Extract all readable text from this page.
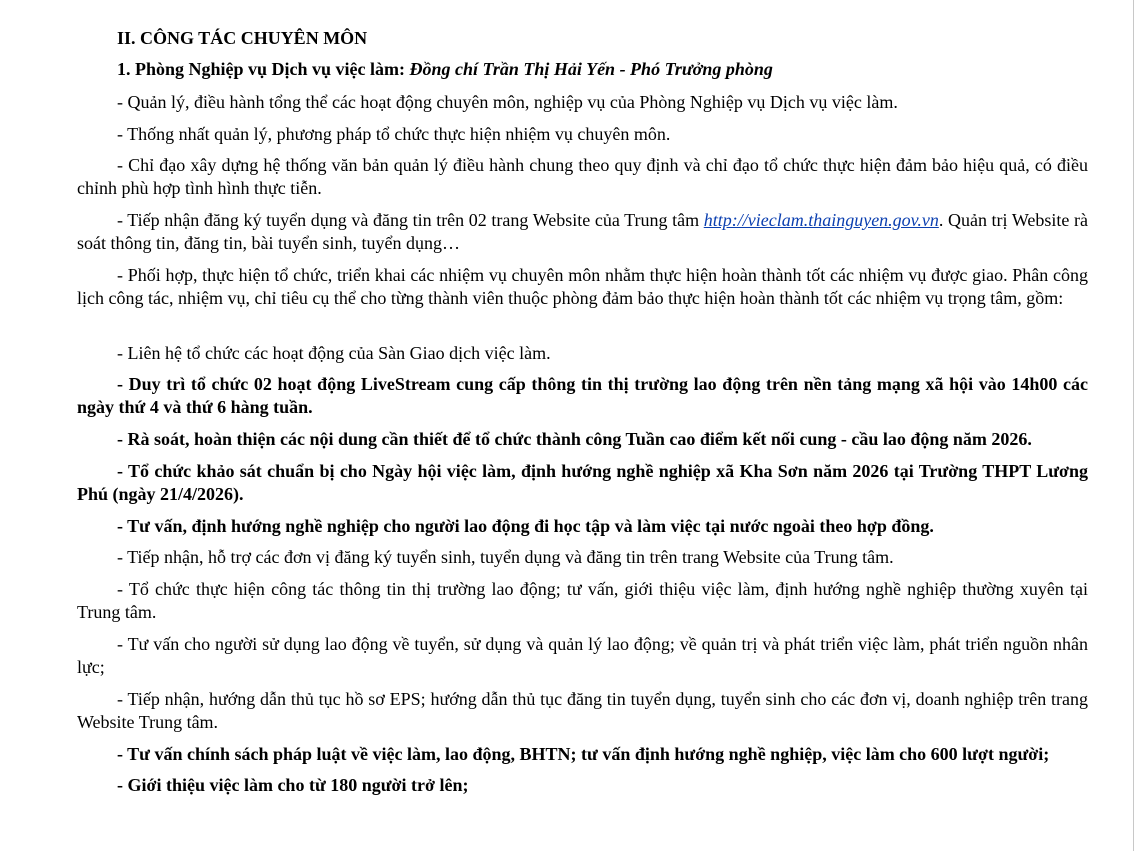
II. CÔNG TÁC CHUYÊN MÔN

1. Phòng Nghiệp vụ Dịch vụ việc làm: Đồng chí Trần Thị Hải Yến - Phó Trưởng phòng

- Quản lý, điều hành tổng thể các hoạt động chuyên môn, nghiệp vụ của Phòng Nghiệp vụ Dịch vụ việc làm.

- Thống nhất quản lý, phương pháp tổ chức thực hiện nhiệm vụ chuyên môn.

- Chỉ đạo xây dựng hệ thống văn bản quản lý điều hành chung theo quy định và chỉ đạo tổ chức thực hiện đảm bảo hiệu quả, có điều chỉnh phù hợp tình hình thực tiễn.

- Tiếp nhận đăng ký tuyển dụng và đăng tin trên 02 trang Website của Trung tâm http://vieclam.thainguyen.gov.vn. Quản trị Website rà soát thông tin, đăng tin, bài tuyển sinh, tuyển dụng…

- Phối hợp, thực hiện tổ chức, triển khai các nhiệm vụ chuyên môn nhằm thực hiện hoàn thành tốt các nhiệm vụ được giao. Phân công lịch công tác, nhiệm vụ, chỉ tiêu cụ thể cho từng thành viên thuộc phòng đảm bảo thực hiện hoàn thành tốt các nhiệm vụ trọng tâm, gồm:

- Liên hệ tổ chức các hoạt động của Sàn Giao dịch việc làm.

- Duy trì tổ chức 02 hoạt động LiveStream cung cấp thông tin thị trường lao động trên nền tảng mạng xã hội vào 14h00 các ngày thứ 4 và thứ 6 hàng tuần.

- Rà soát, hoàn thiện các nội dung cần thiết để tổ chức thành công Tuần cao điểm kết nối cung - cầu lao động năm 2026.

- Tổ chức khảo sát chuẩn bị cho Ngày hội việc làm, định hướng nghề nghiệp xã Kha Sơn năm 2026 tại Trường THPT Lương Phú (ngày 21/4/2026).

- Tư vấn, định hướng nghề nghiệp cho người lao động đi học tập và làm việc tại nước ngoài theo hợp đồng.

- Tiếp nhận, hỗ trợ các đơn vị đăng ký tuyển sinh, tuyển dụng và đăng tin trên trang Website của Trung tâm.

- Tổ chức thực hiện công tác thông tin thị trường lao động; tư vấn, giới thiệu việc làm, định hướng nghề nghiệp thường xuyên tại Trung tâm.

- Tư vấn cho người sử dụng lao động về tuyển, sử dụng và quản lý lao động; về quản trị và phát triển việc làm, phát triển nguồn nhân lực;

- Tiếp nhận, hướng dẫn thủ tục hồ sơ EPS; hướng dẫn thủ tục đăng tin tuyển dụng, tuyển sinh cho các đơn vị, doanh nghiệp trên trang Website Trung tâm.

- Tư vấn chính sách pháp luật về việc làm, lao động, BHTN; tư vấn định hướng nghề nghiệp, việc làm cho 600 lượt người;

- Giới thiệu việc làm cho từ 180 người trở lên;
